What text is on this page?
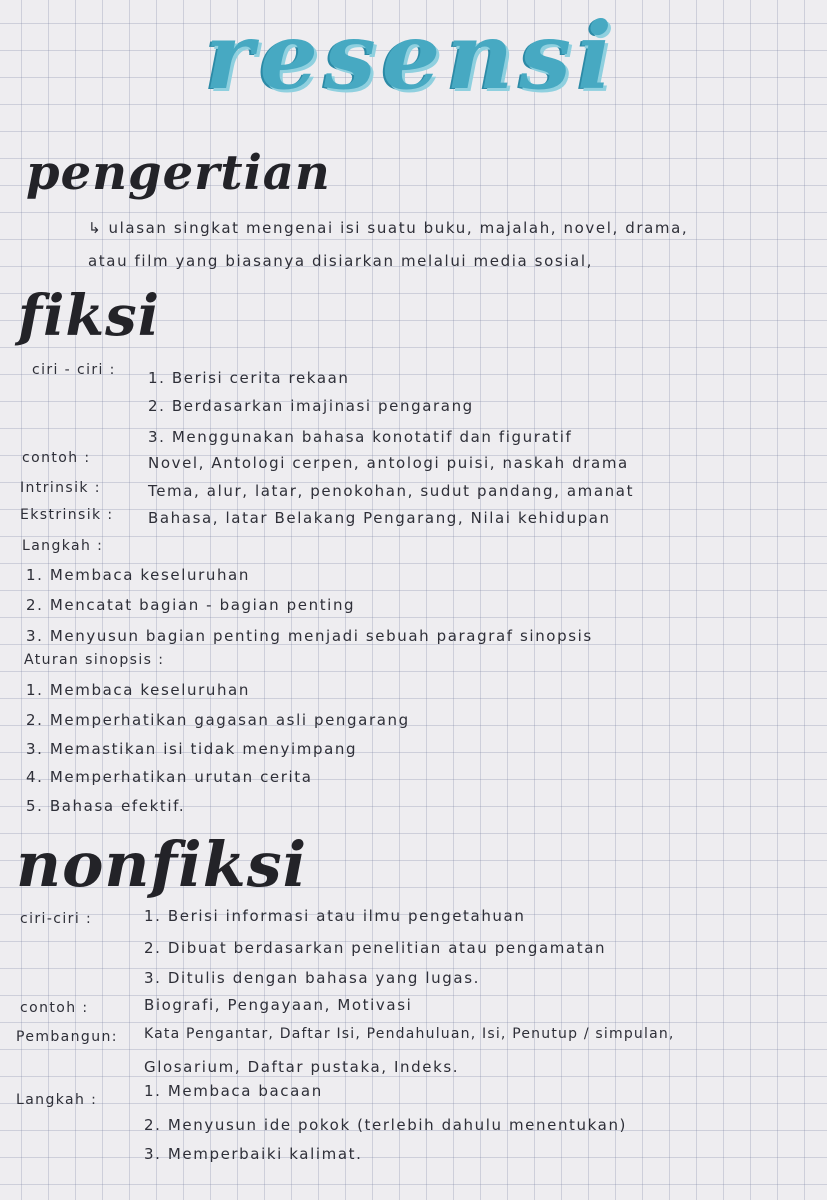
resensi
pengertian
↳ ulasan singkat mengenai isi suatu buku, majalah, novel, drama,
atau film yang biasanya disiarkan melalui media sosial,
fiksi
ciri - ciri : 1. Berisi cerita rekaan
2. Berdasarkan imajinasi pengarang
3. Menggunakan bahasa konotatif dan figuratif
contoh :	Novel, Antologi cerpen, antologi puisi, naskah drama
Intrinsik :	Tema, alur, latar, penokohan, sudut pandang, amanat
Ekstrinsik : Bahasa, latar Belakang Pengarang, Nilai kehidupan
Langkah :
1. Membaca keseluruhan
2. Mencatat bagian - bagian penting
3. Menyusun bagian penting menjadi sebuah paragraf sinopsis
Aturan sinopsis :
1. Membaca keseluruhan
2. Memperhatikan gagasan asli pengarang
3. Memastikan isi tidak menyimpang
4. Memperhatikan urutan cerita
5. Bahasa efektif.
nonfiksi
ciri-ciri :	1. Berisi informasi atau ilmu pengetahuan
2. Dibuat berdasarkan penelitian atau pengamatan
3. Ditulis dengan bahasa yang lugas.
contoh :	Biografi, Pengayaan, Motivasi
Pembangun: Kata Pengantar, Daftar Isi, Pendahuluan, Isi, Penutup / simpulan,
Glosarium, Daftar pustaka, Indeks.
Langkah :	1. Membaca bacaan
2. Menyusun ide pokok (terlebih dahulu menentukan)
3. Memperbaiki kalimat.
